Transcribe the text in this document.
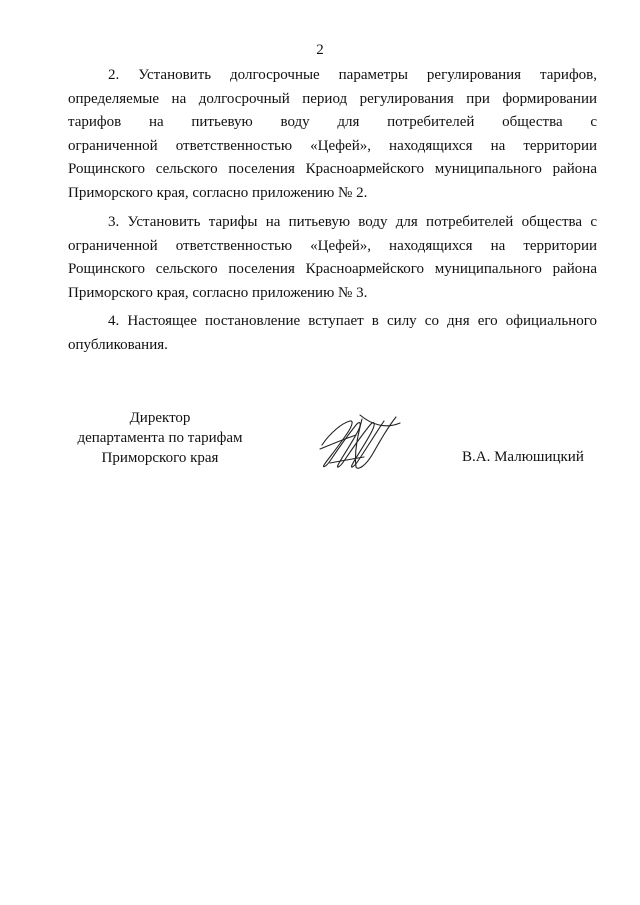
2
2. Установить долгосрочные параметры регулирования тарифов,
определяемые на долгосрочный период регулирования при формировании
тарифов на питьевую воду для потребителей общества с
ограниченной ответственностью «Цефей», находящихся на территории
Рощинского сельского поселения Красноармейского муниципального района
Приморского края, согласно приложению № 2.
3. Установить тарифы на питьевую воду для потребителей общества с
ограниченной ответственностью «Цефей», находящихся на территории
Рощинского сельского поселения Красноармейского муниципального района
Приморского края, согласно приложению № 3.
4. Настоящее постановление вступает в силу со дня его официального
опубликования.
Директор
департамента по тарифам
Приморского края	В.А. Малюшицкий
